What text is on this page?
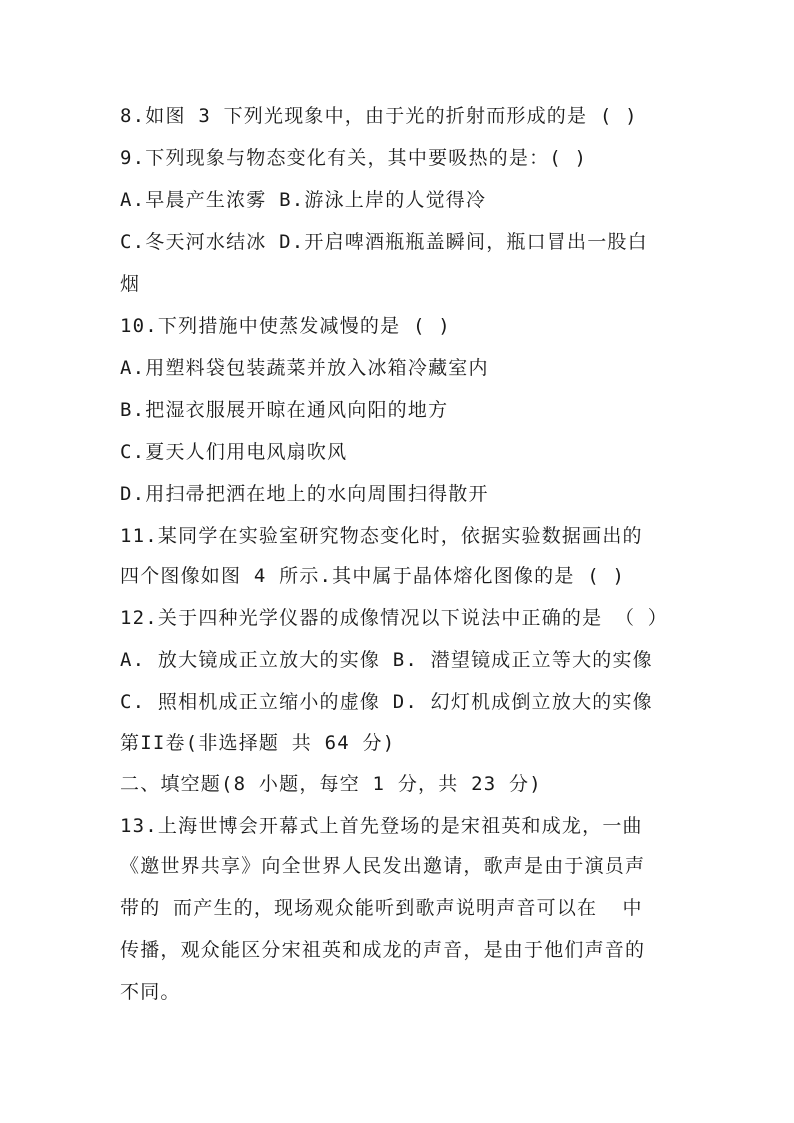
8.如图 3 下列光现象中，由于光的折射而形成的是 ( )
9.下列现象与物态变化有关，其中要吸热的是：( )
A.早晨产生浓雾 B.游泳上岸的人觉得冷
C.冬天河水结冰 D.开启啤酒瓶瓶盖瞬间，瓶口冒出一股白
烟
10.下列措施中使蒸发减慢的是 ( )
A.用塑料袋包装蔬菜并放入冰箱冷藏室内
B.把湿衣服展开晾在通风向阳的地方
C.夏天人们用电风扇吹风
D.用扫帚把洒在地上的水向周围扫得散开
11.某同学在实验室研究物态变化时，依据实验数据画出的
四个图像如图 4 所示.其中属于晶体熔化图像的是 ( )
12.关于四种光学仪器的成像情况以下说法中正确的是 （ ）
A. 放大镜成正立放大的实像 B. 潜望镜成正立等大的实像
C. 照相机成正立缩小的虚像 D. 幻灯机成倒立放大的实像
第II卷(非选择题 共 64 分)
二、填空题(8 小题，每空 1 分，共 23 分)
13.上海世博会开幕式上首先登场的是宋祖英和成龙，一曲
《邀世界共享》向全世界人民发出邀请，歌声是由于演员声
带的 而产生的，现场观众能听到歌声说明声音可以在  中
传播，观众能区分宋祖英和成龙的声音，是由于他们声音的
不同。
